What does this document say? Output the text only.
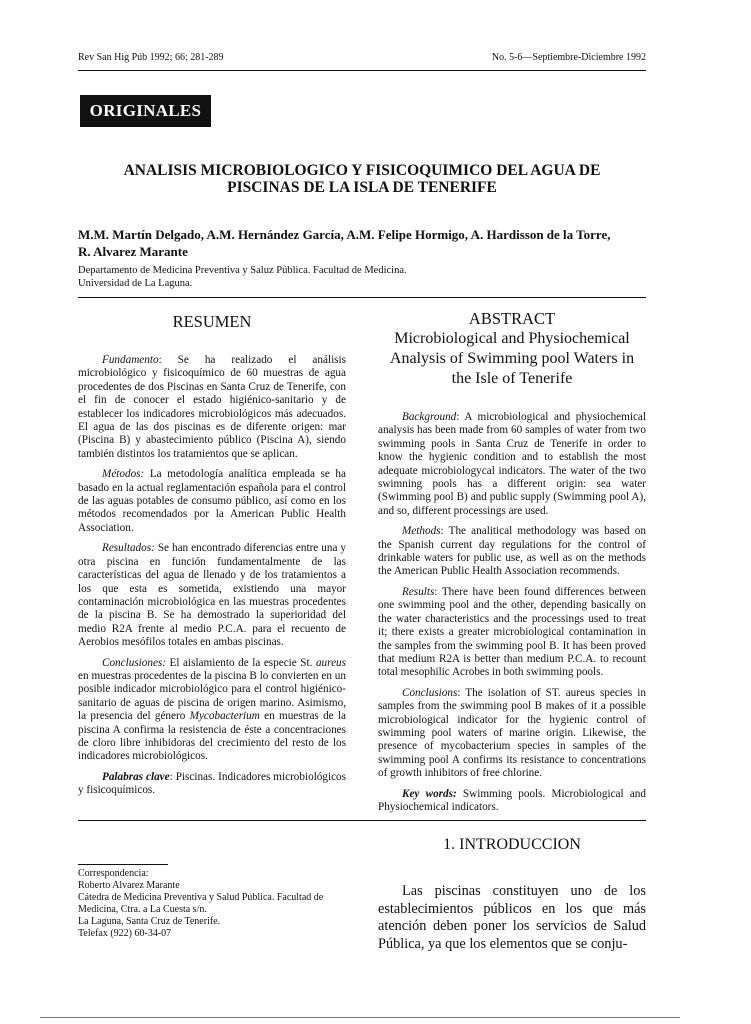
Rev San Hig Púb 1992; 66: 281-289	No. 5-6—Septiembre-Diciembre 1992
ORIGINALES
ANALISIS MICROBIOLOGICO Y FISICOQUIMICO DEL AGUA DE
PISCINAS DE LA ISLA DE TENERIFE
M.M. Martín Delgado, A.M. Hernández García, A.M. Felipe Hormigo, A. Hardisson de la Torre,
R. Alvarez Marante
Departamento de Medicina Preventiva y Saluz Pública. Facultad de Medicina.
Universidad de La Laguna.
RESUMEN

Fundamento: Se ha realizado el análisis microbiológico y fisicoquímico de 60 muestras de agua procedentes de dos Piscinas en Santa Cruz de Tenerife, con el fin de conocer el estado higiénico-sanitario y de establecer los indicadores microbiológicos más adecuados. El agua de las dos piscinas es de diferente origen: mar (Piscina B) y abastecimiento público (Piscina A), siendo también distintos los tratamientos que se aplican.

Métodos: La metodología analítica empleada se ha basado en la actual reglamentación española para el control de las aguas potables de consumo público, así como en los métodos recomendados por la American Public Health Association.

Resultados: Se han encontrado diferencias entre una y otra piscina en función fundamentalmente de las características del agua de llenado y de los tratamientos a los que esta es sometida, existiendo una mayor contaminación microbiológica en las muestras procedentes de la piscina B. Se ha demostrado la superioridad del medio R2A frente al medio P.C.A. para el recuento de Aerobios mesófilos totales en ambas piscinas.

Conclusiones: El aislamiento de la especie St. aureus en muestras procedentes de la piscina B lo convierten en un posible indicador microbiológico para el control higiénico-sanitario de aguas de piscina de origen marino. Asimismo, la presencia del género Mycobacterium en muestras de la piscina A confirma la resistencia de éste a concentraciones de cloro libre inhibidoras del crecimiento del resto de los indicadores microbiológicos.

Palabras clave: Piscinas. Indicadores microbiológicos y fisicoquímicos.

ABSTRACT
Microbiological and Physiochemical
Analysis of Swimming pool Waters in
the Isle of Tenerife

Background: A microbiological and physiochemical analysis has been made from 60 samples of water from two swimming pools in Santa Cruz de Tenerife in order to know the hygienic condition and to establish the most adequate microbiologycal indicators. The water of the two swimning pools has a different origin: sea water (Swimming pool B) and public supply (Swimming pool A), and so, different processings are used.

Methods: The analitical methodology was based on the Spanish current day regulations for the control of drinkable waters for public use, as well as on the methods the American Public Health Association recommends.

Results: There have been found differences between one swimming pool and the other, depending basically on the water characteristics and the processings used to treat it; there exists a greater microbiological contamination in the samples from the swimming pool B. It has been proved that medium R2A is better than medium P.C.A. to recount total mesophilic Acrobes in both swimming pools.

Conclusions: The isolation of ST. aureus species in samples from the swimming pool B makes of it a possible microbiological indicator for the hygienic control of swimming pool waters of marine origin. Likewise, the presence of mycobacterium species in samples of the swimming pool A confirms its resistance to concentrations of growth inhibitors of free chlorine.

Key words: Swimming pools. Microbiological and Physiochemical indicators.

1. INTRODUCCION

Las piscinas constituyen uno de los establecimientos públicos en los que más atención deben poner los servicios de Salud Pública, ya que los elementos que se conju-

Correspondencia:
Roberto Alvarez Marante
Cátedra de Medicina Preventiva y Salud Pública. Facultad de
Medicina, Ctra. a La Cuesta s/n.
La Laguna, Santa Cruz de Tenerife.
Telefax (922) 60-34-07
